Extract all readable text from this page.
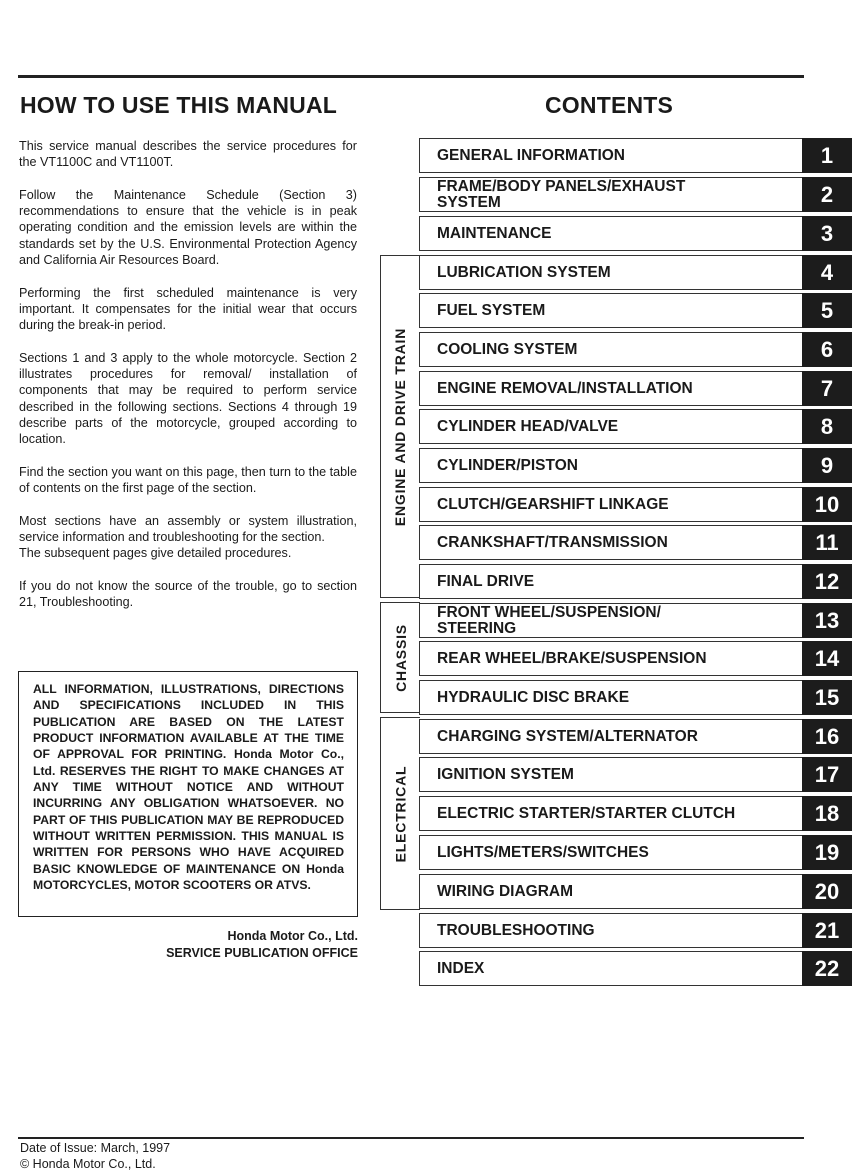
HOW TO USE THIS MANUAL	CONTENTS

This service manual describes the service procedures for the VT1100C and VT1100T.

Follow the Maintenance Schedule (Section 3) recommendations to ensure that the vehicle is in peak operating condition and the emission levels are within the standards set by the U.S. Environmental Protection Agency and California Air Resources Board.

Performing the first scheduled maintenance is very important. It compensates for the initial wear that occurs during the break-in period.

Sections 1 and 3 apply to the whole motorcycle. Section 2 illustrates procedures for removal/ installation of components that may be required to perform service described in the following sections. Sections 4 through 19 describe parts of the motorcycle, grouped according to location.

Find the section you want on this page, then turn to the table of contents on the first page of the section.

Most sections have an assembly or system illustration, service information and troubleshooting for the section.
The subsequent pages give detailed procedures.

If you do not know the source of the trouble, go to section 21, Troubleshooting.

ALL INFORMATION, ILLUSTRATIONS, DIRECTIONS AND SPECIFICATIONS INCLUDED IN THIS PUBLICATION ARE BASED ON THE LATEST PRODUCT INFORMATION AVAILABLE AT THE TIME OF APPROVAL FOR PRINTING. Honda Motor Co., Ltd. RESERVES THE RIGHT TO MAKE CHANGES AT ANY TIME WITHOUT NOTICE AND WITHOUT INCURRING ANY OBLIGATION WHATSOEVER. NO PART OF THIS PUBLICATION MAY BE REPRODUCED WITHOUT WRITTEN PERMISSION. THIS MANUAL IS WRITTEN FOR PERSONS WHO HAVE ACQUIRED BASIC KNOWLEDGE OF MAINTENANCE ON Honda MOTORCYCLES, MOTOR SCOOTERS OR ATVS.
Honda Motor Co., Ltd.
SERVICE PUBLICATION OFFICE
ENGINE AND DRIVE TRAIN
CHASSIS
ELECTRICAL
GENERAL INFORMATION	1
FRAME/BODY PANELS/EXHAUST
SYSTEM	2
MAINTENANCE	3
LUBRICATION SYSTEM	4
FUEL SYSTEM	5
COOLING SYSTEM	6
ENGINE REMOVAL/INSTALLATION	7
CYLINDER HEAD/VALVE	8
CYLINDER/PISTON	9
CLUTCH/GEARSHIFT LINKAGE	10
CRANKSHAFT/TRANSMISSION	11
FINAL DRIVE	12
FRONT WHEEL/SUSPENSION/
STEERING	13
REAR WHEEL/BRAKE/SUSPENSION	14
HYDRAULIC DISC BRAKE	15
CHARGING SYSTEM/ALTERNATOR	16
IGNITION SYSTEM	17
ELECTRIC STARTER/STARTER CLUTCH	18
LIGHTS/METERS/SWITCHES	19
WIRING DIAGRAM	20
TROUBLESHOOTING	21
INDEX	22
Date of Issue: March, 1997
© Honda Motor Co., Ltd.
